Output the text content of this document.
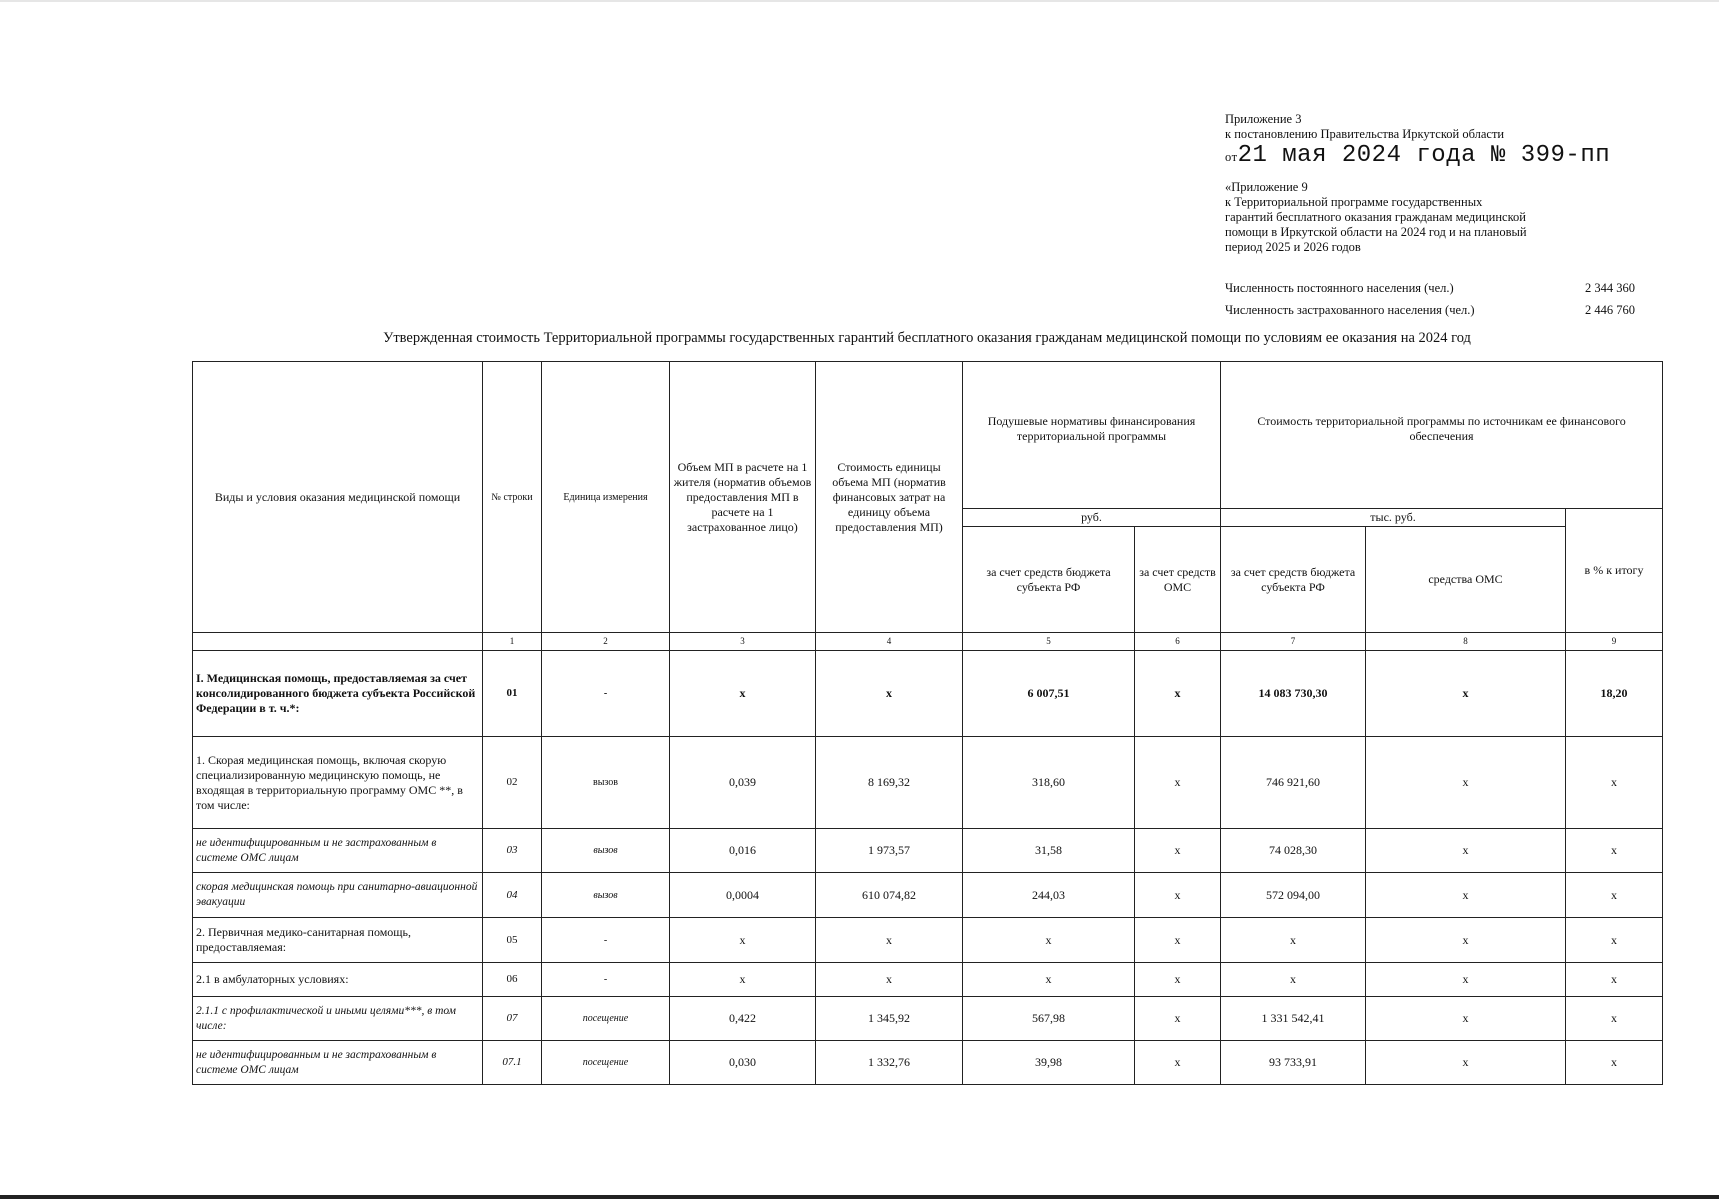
Приложение 3
к постановлению Правительства Иркутской области
от21 мая 2024 года № 399-пп
«Приложение 9
к Территориальной программе государственных
гарантий бесплатного оказания гражданам медицинской
помощи в Иркутской области на 2024 год и на плановый
период 2025 и 2026 годов
Численность постоянного населения (чел.)	2 344 360
Численность застрахованного населения (чел.)	2 446 760
Утвержденная стоимость Территориальной программы государственных гарантий бесплатного оказания гражданам медицинской помощи по условиям ее оказания на 2024 год
Виды и условия оказания медицинской помощи	№ строки	Единица измерения	Объем МП в расчете на 1 жителя (норматив объемов предоставления МП в расчете на 1 застрахованное лицо)	Стоимость единицы объема МП (норматив финансовых затрат на единицу объема предоставления МП)	Подушевые нормативы финансирования территориальной программы		Стоимость территориальной программы по источникам ее финансового обеспечения		
					руб.		тыс. руб.		в % к итогу
					за счет средств бюджета субъекта РФ	за счет средств ОМС	за счет средств бюджета субъекта РФ	средства ОМС	
	1	2	3	4	5	6	7	8	9
I. Медицинская помощь, предоставляемая за счет консолидированного бюджета субъекта Российской Федерации в т. ч.*:	01	-	х	х	6 007,51	х	14 083 730,30	х	18,20
1. Скорая медицинская помощь, включая скорую специализированную медицинскую помощь, не входящая в территориальную программу ОМС **, в том числе:	02	вызов	0,039	8 169,32	318,60	х	746 921,60	х	х
не идентифицированным и не застрахованным в системе ОМС лицам	03	вызов	0,016	1 973,57	31,58	х	74 028,30	х	х
скорая медицинская помощь при санитарно-авиационной эвакуации	04	вызов	0,0004	610 074,82	244,03	х	572 094,00	х	х
2. Первичная медико-санитарная помощь, предоставляемая:	05	-	х	х	х	х	х	х	х
2.1 в амбулаторных условиях:	06	-	х	х	х	х	х	х	х
2.1.1 с профилактической и иными целями***, в том числе:	07	посещение	0,422	1 345,92	567,98	х	1 331 542,41	х	х
не идентифицированным и не застрахованным в системе ОМС лицам	07.1	посещение	0,030	1 332,76	39,98	х	93 733,91	х	х
